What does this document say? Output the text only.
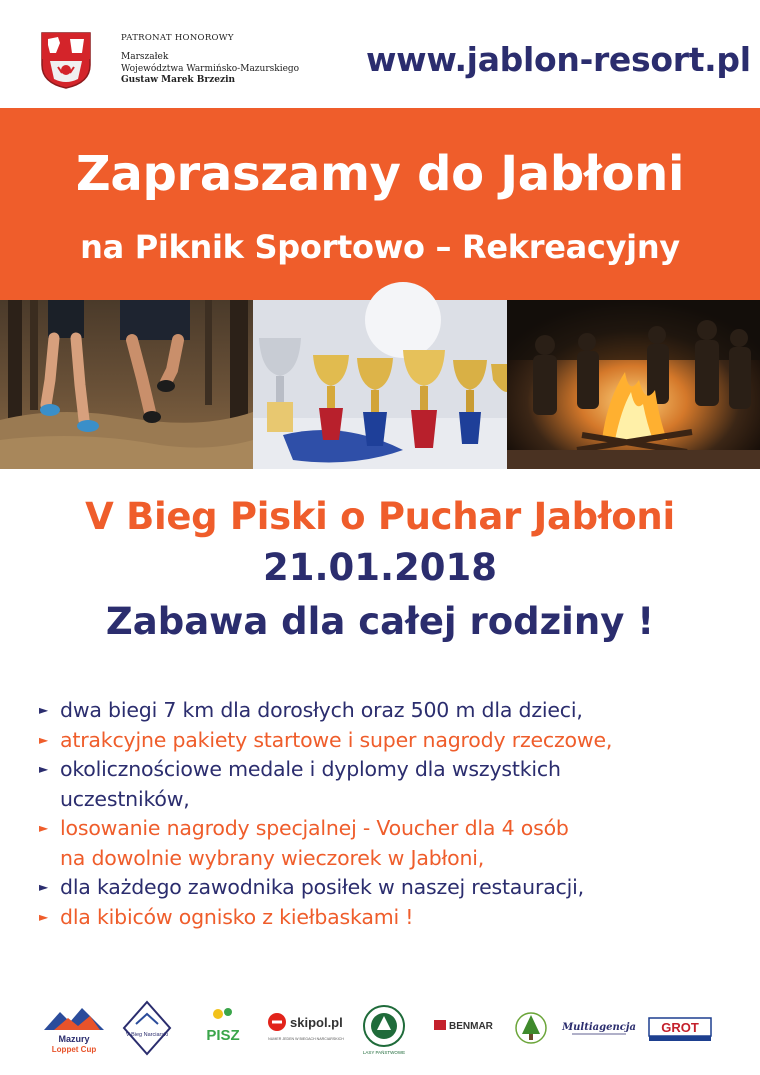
PATRONAT HONOROWY
Marszałek
Województwa Warmińsko-Mazurskiego
Gustaw Marek Brzezin
www.jablon-resort.pl
Zapraszamy do Jabłoni
na Piknik Sportowo – Rekreacyjny
V Bieg Piski o Puchar Jabłoni
21.01.2018
Zabawa dla całej rodziny !
► dwa biegi 7 km dla dorosłych oraz 500 m dla dzieci,
► atrakcyjne pakiety startowe i super nagrody rzeczowe,
► okolicznościowe medale i dyplomy dla wszystkich
uczestników,
► losowanie nagrody specjalnej - Voucher dla 4 osób
na dowolnie wybrany wieczorek w Jabłoni,
► dla każdego zawodnika posiłek w naszej restauracji,
► dla kibiców ognisko z kiełbaskami !
Mazury
Loppet Cup
V Bieg Narciarski	PISZ
skipol.pl
NUMER JEDEN W BIEGACH NARCIARSKICH
LASY PAŃSTWOWE
BENMAR	Multiagencja GROT
